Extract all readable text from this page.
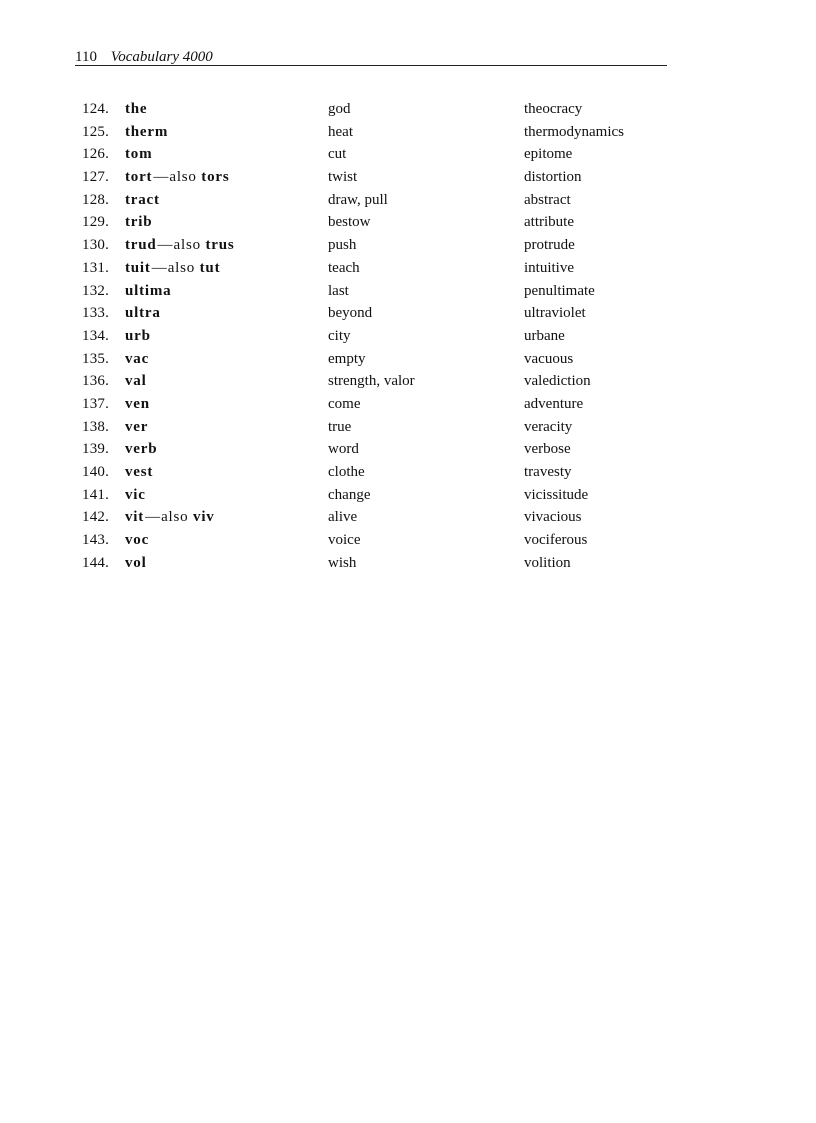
110 Vocabulary 4000
124. the	god	theocracy
125. therm	heat	thermodynamics
126. tom	cut	epitome
127. tort—also tors	twist	distortion
128. tract	draw, pull	abstract
129. trib	bestow	attribute
130. trud—also trus	push	protrude
131. tuit—also tut	teach	intuitive
132. ultima	last	penultimate
133. ultra	beyond	ultraviolet
134. urb	city	urbane
135. vac	empty	vacuous
136. val	strength, valor	valediction
137. ven	come	adventure
138. ver	true	veracity
139. verb	word	verbose
140. vest	clothe	travesty
141. vic	change	vicissitude
142. vit—also viv	alive	vivacious
143. voc	voice	vociferous
144. vol	wish	volition
